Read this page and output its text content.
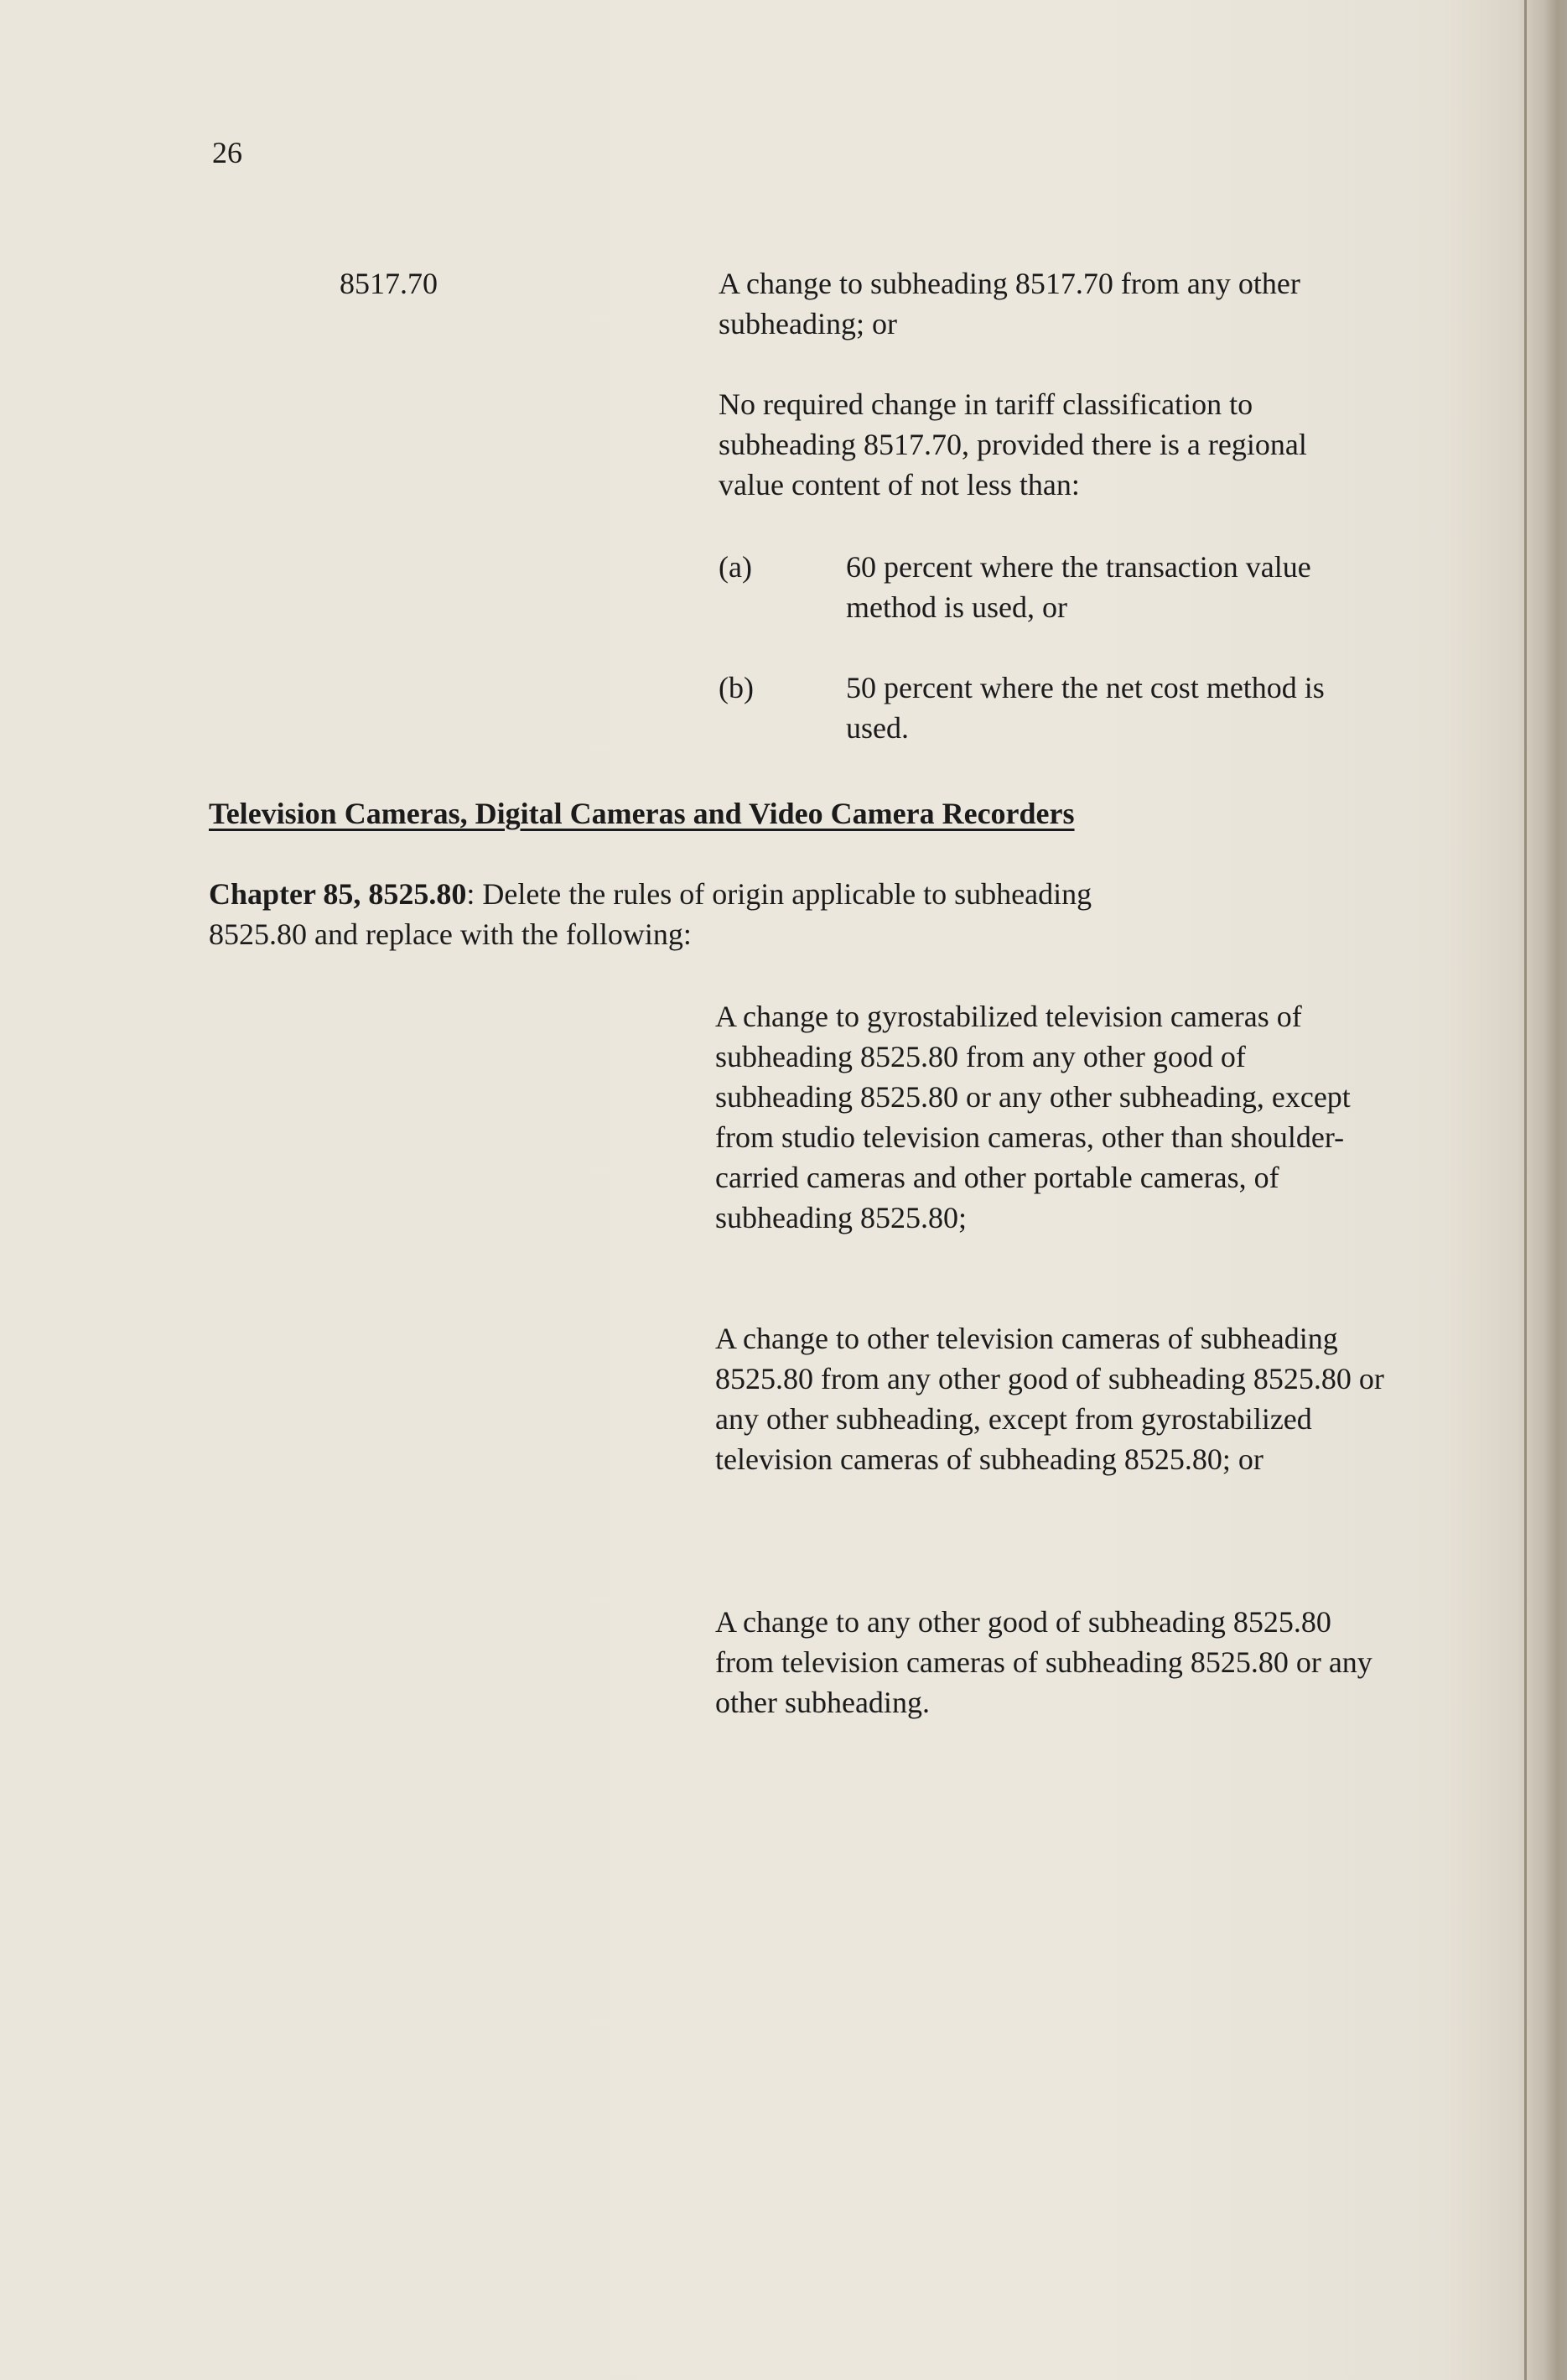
26
8517.70	A change to subheading 8517.70 from any other subheading; or

No required change in tariff classification to subheading 8517.70, provided there is a regional value content of not less than:

(a)	60 percent where the transaction value method is used, or

(b)	50 percent where the net cost method is used.

Television Cameras, Digital Cameras and Video Camera Recorders

Chapter 85, 8525.80: Delete the rules of origin applicable to subheading 8525.80 and replace with the following:

A change to gyrostabilized television cameras of subheading 8525.80 from any other good of subheading 8525.80 or any other subheading, except from studio television cameras, other than shoulder-carried cameras and other portable cameras, of subheading 8525.80;

A change to other television cameras of subheading 8525.80 from any other good of subheading 8525.80 or any other subheading, except from gyrostabilized television cameras of subheading 8525.80; or

A change to any other good of subheading 8525.80 from television cameras of subheading 8525.80 or any other subheading.
